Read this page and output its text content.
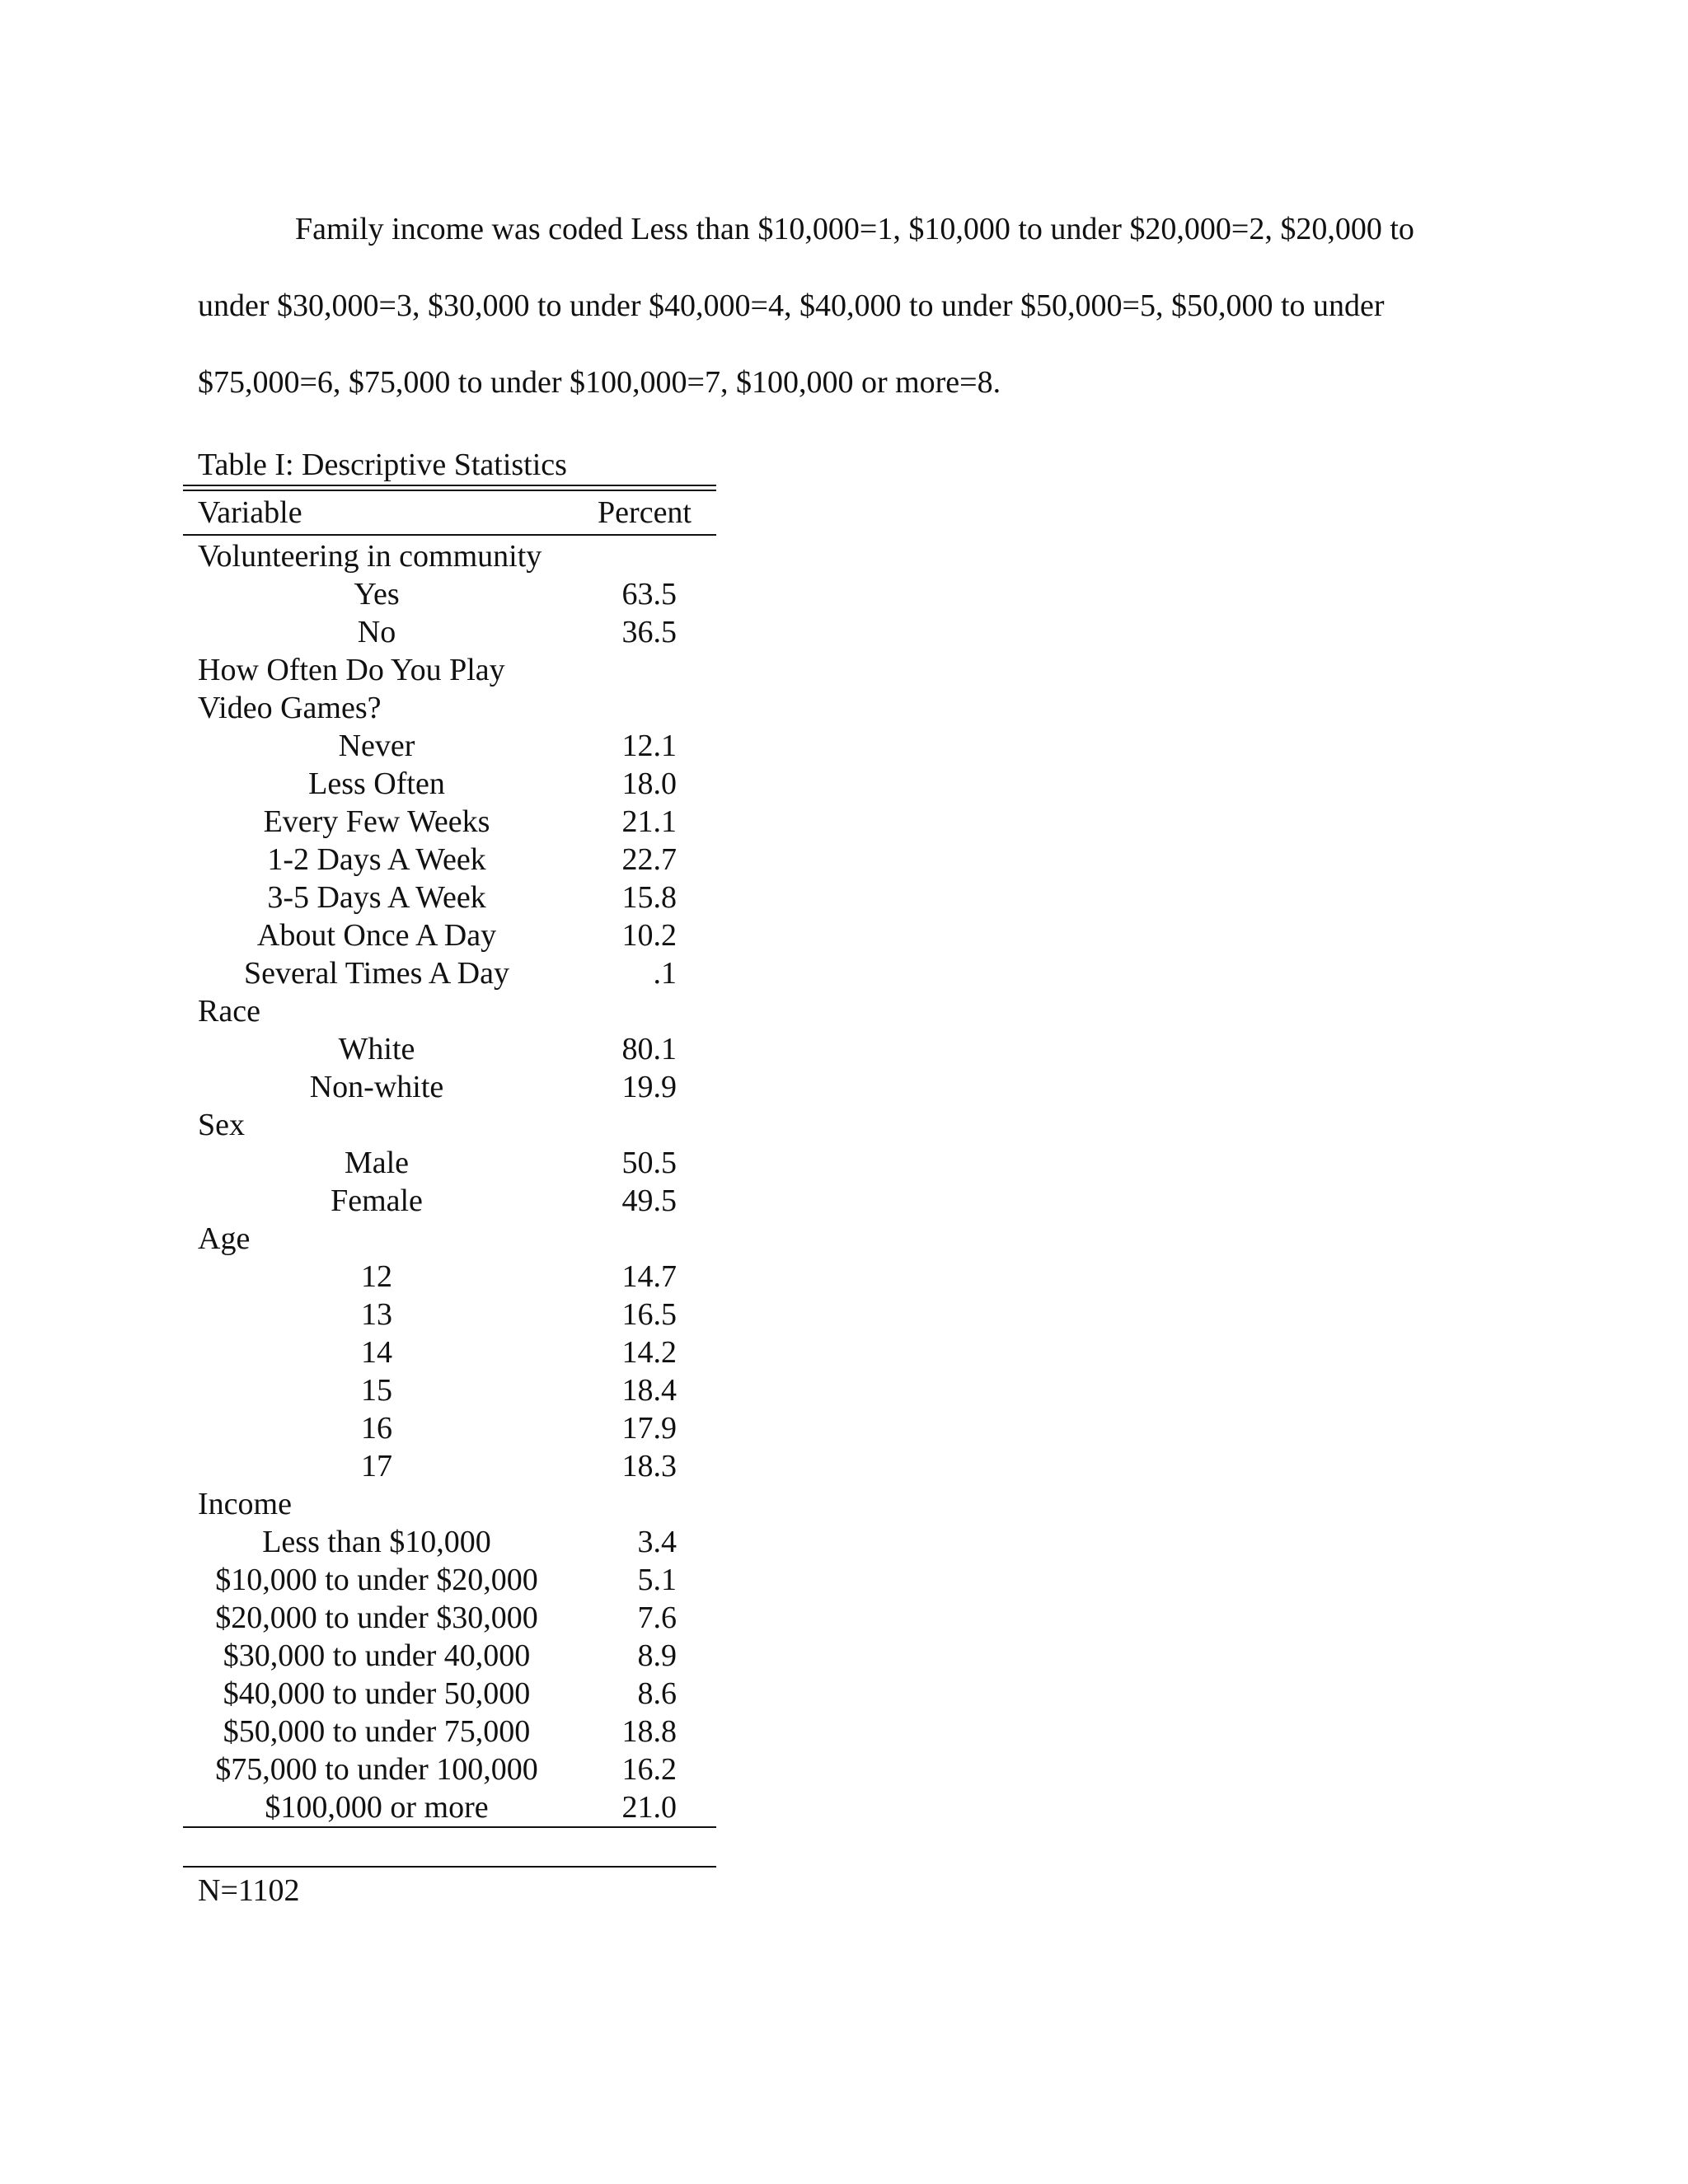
Family income was coded Less than $10,000=1, $10,000 to under $20,000=2, $20,000 to
under $30,000=3, $30,000 to under $40,000=4, $40,000 to under $50,000=5, $50,000 to under
$75,000=6, $75,000 to under $100,000=7, $100,000 or more=8.
Table I: Descriptive Statistics
Variable	Percent
Volunteering in community
Yes	63.5
No	36.5
How Often Do You Play
Video Games?
Never	12.1
Less Often	18.0
Every Few Weeks	21.1
1-2 Days A Week	22.7
3-5 Days A Week	15.8
About Once A Day	10.2
Several Times A Day	.1
Race
White	80.1
Non-white	19.9
Sex
Male	50.5
Female	49.5
Age
12	14.7
13	16.5
14	14.2
15	18.4
16	17.9
17	18.3
Income
Less than $10,000	3.4
$10,000 to under $20,000	5.1
$20,000 to under $30,000	7.6
$30,000 to under 40,000	8.9
$40,000 to under 50,000	8.6
$50,000 to under 75,000	18.8
$75,000 to under 100,000	16.2
$100,000 or more	21.0
N=1102
